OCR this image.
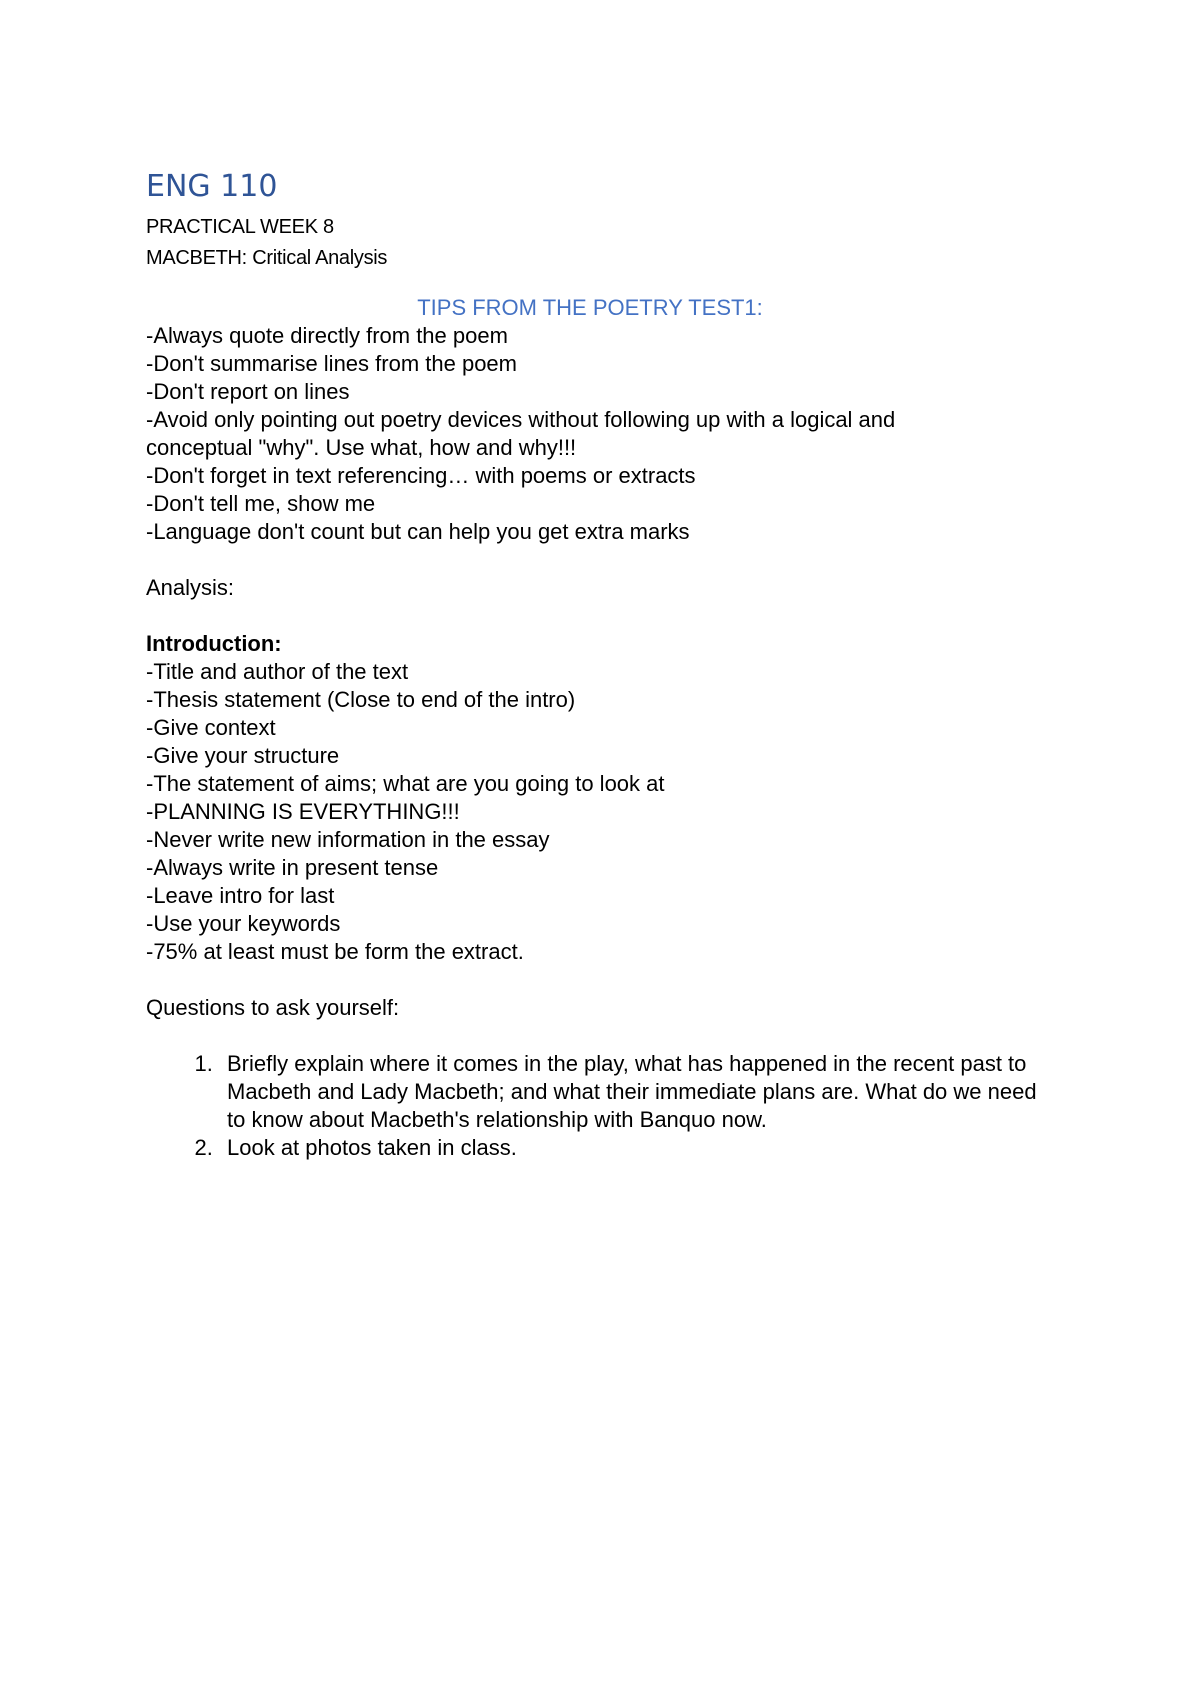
ENG 110

PRACTICAL WEEK 8

MACBETH: Critical Analysis

TIPS FROM THE POETRY TEST1:

-Always quote directly from the poem

-Don't summarise lines from the poem

-Don't report on lines

-Avoid only pointing out poetry devices without following up with a logical and

conceptual "why". Use what, how and why!!!

-Don't forget in text referencing… with poems or extracts

-Don't tell me, show me

-Language don't count but can help you get extra marks

Analysis:

Introduction:

-Title and author of the text

-Thesis statement (Close to end of the intro)

-Give context

-Give your structure

-The statement of aims; what are you going to look at

-PLANNING IS EVERYTHING!!!

-Never write new information in the essay

-Always write in present tense

-Leave intro for last

-Use your keywords

-75% at least must be form the extract.

Questions to ask yourself:

1. Briefly explain where it comes in the play, what has happened in the recent past to Macbeth and Lady Macbeth; and what their immediate plans are. What do we need to know about Macbeth's relationship with Banquo now.
2. Look at photos taken in class.
